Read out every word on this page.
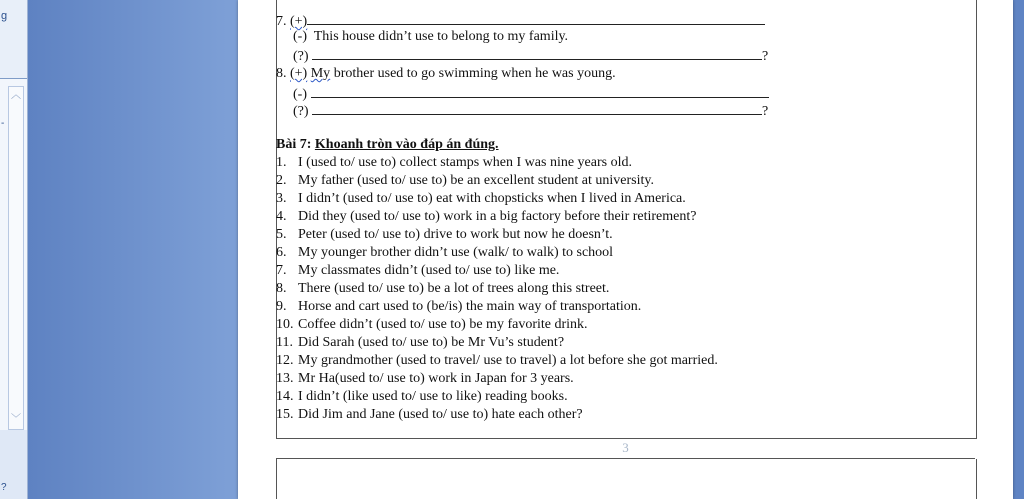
g
-
︿
﹀
?
7. (+)
(-) This house didn’t use to belong to my family.
(?)	?
8. (+) My brother used to go swimming when he was young.
(-)
(?)	?
Bài 7: Khoanh tròn vào đáp án đúng.
1. I (used to/ use to) collect stamps when I was nine years old.
2. My father (used to/ use to) be an excellent student at university.
3. I didn’t (used to/ use to) eat with chopsticks when I lived in America.
4. Did they (used to/ use to) work in a big factory before their retirement?
5. Peter (used to/ use to) drive to work but now he doesn’t.
6. My younger brother didn’t use (walk/ to walk) to school
7. My classmates didn’t (used to/ use to) like me.
8. There (used to/ use to) be a lot of trees along this street.
9. Horse and cart used to (be/is) the main way of transportation.
10. Coffee didn’t (used to/ use to) be my favorite drink.
11. Did Sarah (used to/ use to) be Mr Vu’s student?
12. My grandmother (used to travel/ use to travel) a lot before she got married.
13. Mr Ha(used to/ use to) work in Japan for 3 years.
14. I didn’t (like used to/ use to like) reading books.
15. Did Jim and Jane (used to/ use to) hate each other?
3
